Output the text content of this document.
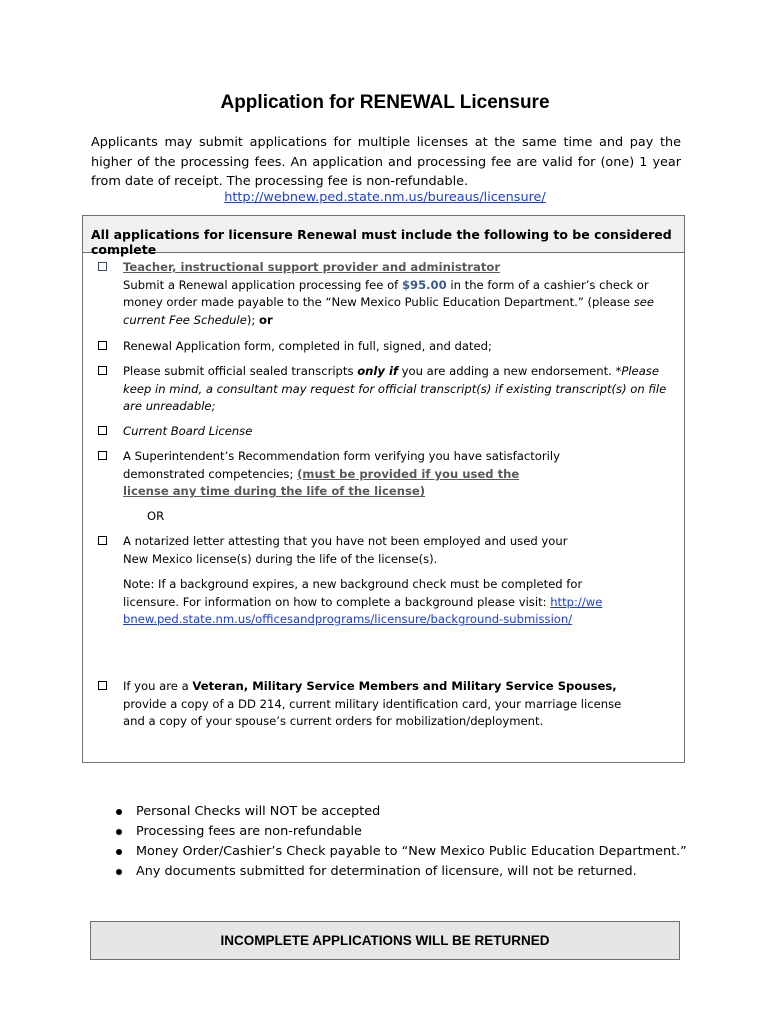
Application for RENEWAL Licensure
Applicants may submit applications for multiple licenses at the same time and pay the higher of the processing fees. An application and processing fee are valid for (one) 1 year from date of receipt. The processing fee is non-refundable.
http://webnew.ped.state.nm.us/bureaus/licensure/
All applications for licensure Renewal must include the following to be considered complete
Teacher, instructional support provider and administrator
Submit a Renewal application processing fee of $95.00 in the form of a cashier’s check or money order made payable to the “New Mexico Public Education Department.” (please see current Fee Schedule); or
Renewal Application form, completed in full, signed, and dated;
Please submit official sealed transcripts only if you are adding a new endorsement. *Please keep in mind, a consultant may request for official transcript(s) if existing transcript(s) on file are unreadable;
Current Board License
A Superintendent’s Recommendation form verifying you have satisfactorily demonstrated competencies; (must be provided if you used the license any time during the life of the license)
OR
A notarized letter attesting that you have not been employed and used your New Mexico license(s) during the life of the license(s).
Note: If a background expires, a new background check must be completed for licensure. For information on how to complete a background please visit: http://webnew.ped.state.nm.us/officesandprograms/licensure/background-submission/
If you are a Veteran, Military Service Members and Military Service Spouses, provide a copy of a DD 214, current military identification card, your marriage license and a copy of your spouse’s current orders for mobilization/deployment.
Personal Checks will NOT be accepted
Processing fees are non-refundable
Money Order/Cashier’s Check payable to “New Mexico Public Education Department.”
Any documents submitted for determination of licensure, will not be returned.
INCOMPLETE APPLICATIONS WILL BE RETURNED
